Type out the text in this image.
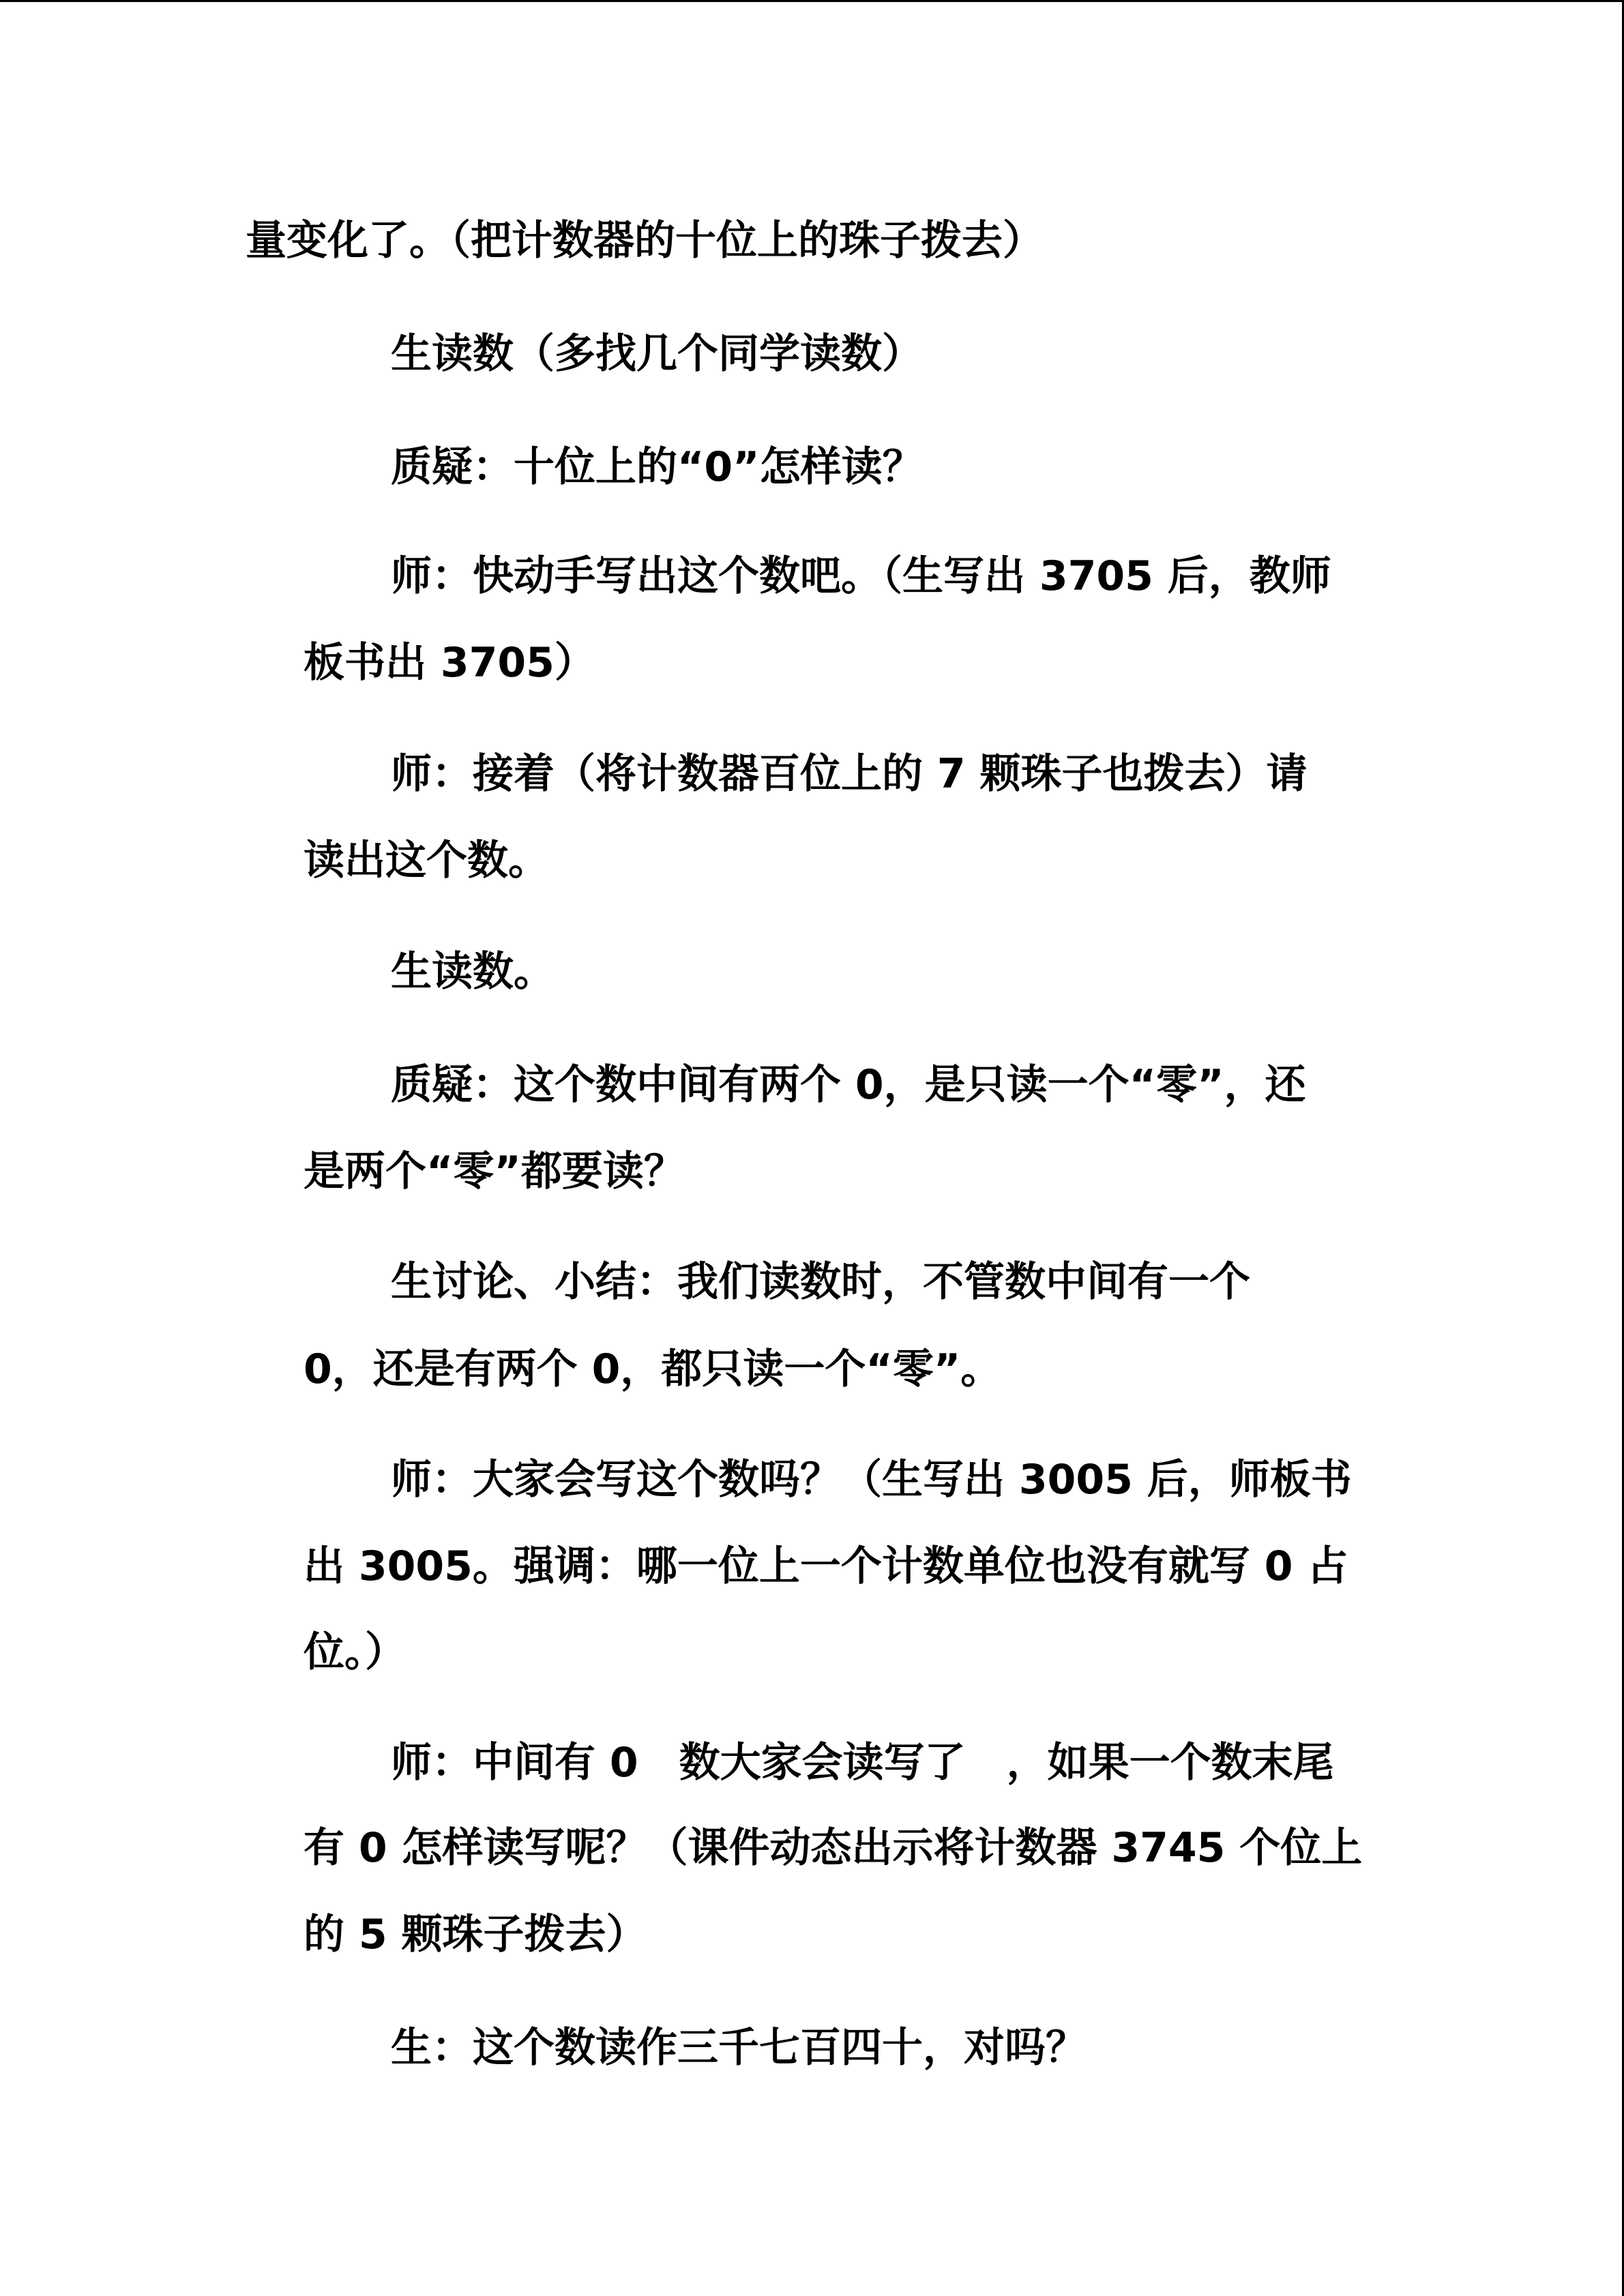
量变化了。（把计数器的十位上的珠子拨去）

生读数（多找几个同学读数）

质疑：十位上的“0”怎样读？

师：快动手写出这个数吧。（生写出 3705 后，教师

板书出 3705）

师：接着（将计数器百位上的 7 颗珠子也拨去）请

读出这个数。

生读数。

质疑：这个数中间有两个 0，是只读一个“零”，还

是两个“零”都要读？

生讨论、小结：我们读数时，不管数中间有一个

0，还是有两个 0，都只读一个“零”。

师：大家会写这个数吗？（生写出 3005 后，师板书

出 3005。强调：哪一位上一个计数单位也没有就写 0 占

位。）

师：中间有 0　数大家会读写了　，如果一个数末尾

有 0 怎样读写呢？（课件动态出示将计数器 3745 个位上

的 5 颗珠子拨去）

生：这个数读作三千七百四十，对吗？
